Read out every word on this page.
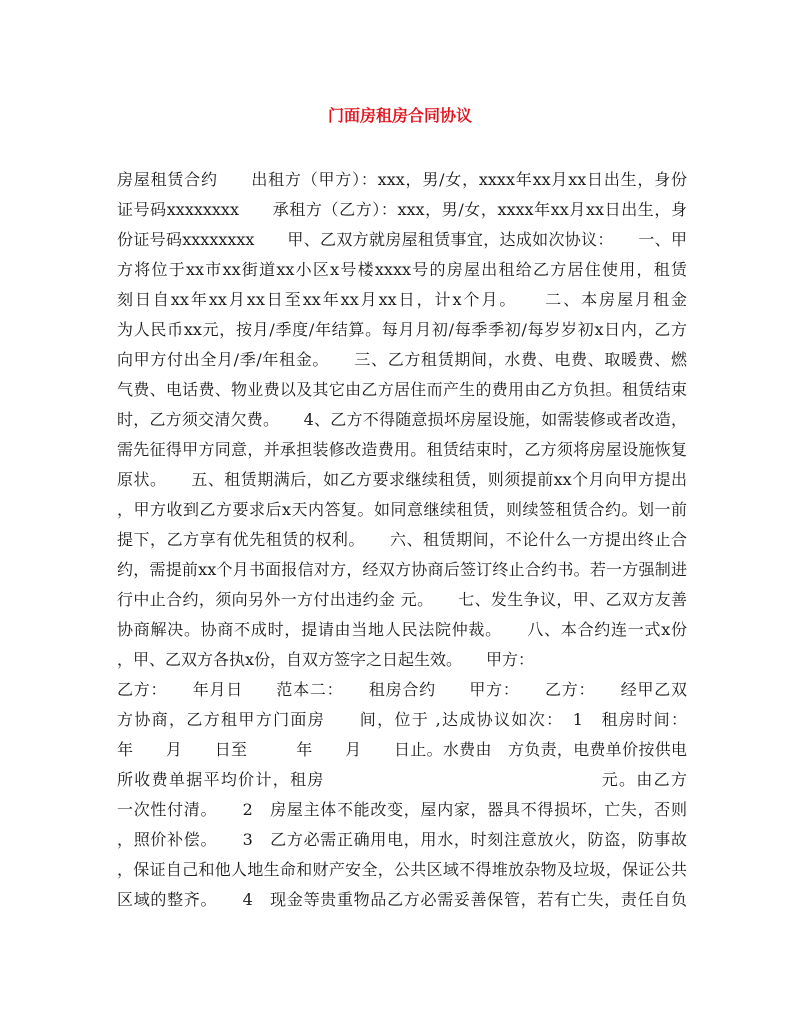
门面房租房合同协议
房屋租赁合约　　出租方（甲方）：xxx，男/女，xxxx年xx月xx日出生，身份
证号码xxxxxxxx　　承租方（乙方）：xxx，男/女，xxxx年xx月xx日出生，身
份证号码xxxxxxxx　　甲、乙双方就房屋租赁事宜，达成如次协议：　　一、甲
方将位于xx市xx街道xx小区x号楼xxxx号的房屋出租给乙方居住使用，租赁
刻日自xx年xx月xx日至xx年xx月xx日，计x个月。　　二、本房屋月租金
为人民币xx元，按月/季度/年结算。每月月初/每季季初/每岁岁初x日内，乙方
向甲方付出全月/季/年租金。　　三、乙方租赁期间，水费、电费、取暖费、燃
气费、电话费、物业费以及其它由乙方居住而产生的费用由乙方负担。租赁结束
时，乙方须交清欠费。　　4、乙方不得随意损坏房屋设施，如需装修或者改造，
需先征得甲方同意，并承担装修改造费用。租赁结束时，乙方须将房屋设施恢复
原状。　　五、租赁期满后，如乙方要求继续租赁，则须提前xx个月向甲方提出
，甲方收到乙方要求后x天内答复。如同意继续租赁，则续签租赁合约。划一前
提下，乙方享有优先租赁的权利。　　六、租赁期间，不论什么一方提出终止合
约，需提前xx个月书面报信对方，经双方协商后签订终止合约书。若一方强制进
行中止合约，须向另外一方付出违约金 元。　　七、发生争议，甲、乙双方友善
协商解决。协商不成时，提请由当地人民法院仲裁。　　八、本合约连一式x份
，甲、乙双方各执x份，自双方签字之日起生效。　　甲方：
乙方：　　年月日　　范本二：　　租房合约　　甲方：　　乙方：　　经甲乙双
方协商，乙方租甲方门面房　　间，位于 ,达成协议如次：　1　租房时间：
年　　月　　日至　　　年　　月　　日止。水费由　方负责，电费单价按供电
所收费单据平均价计，租房　　　　　　　　　　　　　　　　元。由乙方
一次性付清。　　2　房屋主体不能改变，屋内家，器具不得损坏，亡失，否则
，照价补偿。　　3　乙方必需正确用电，用水，时刻注意放火，防盗，防事故
，保证自己和他人地生命和财产安全，公共区域不得堆放杂物及垃圾，保证公共
区域的整齐。　　4　现金等贵重物品乙方必需妥善保管，若有亡失，责任自负
